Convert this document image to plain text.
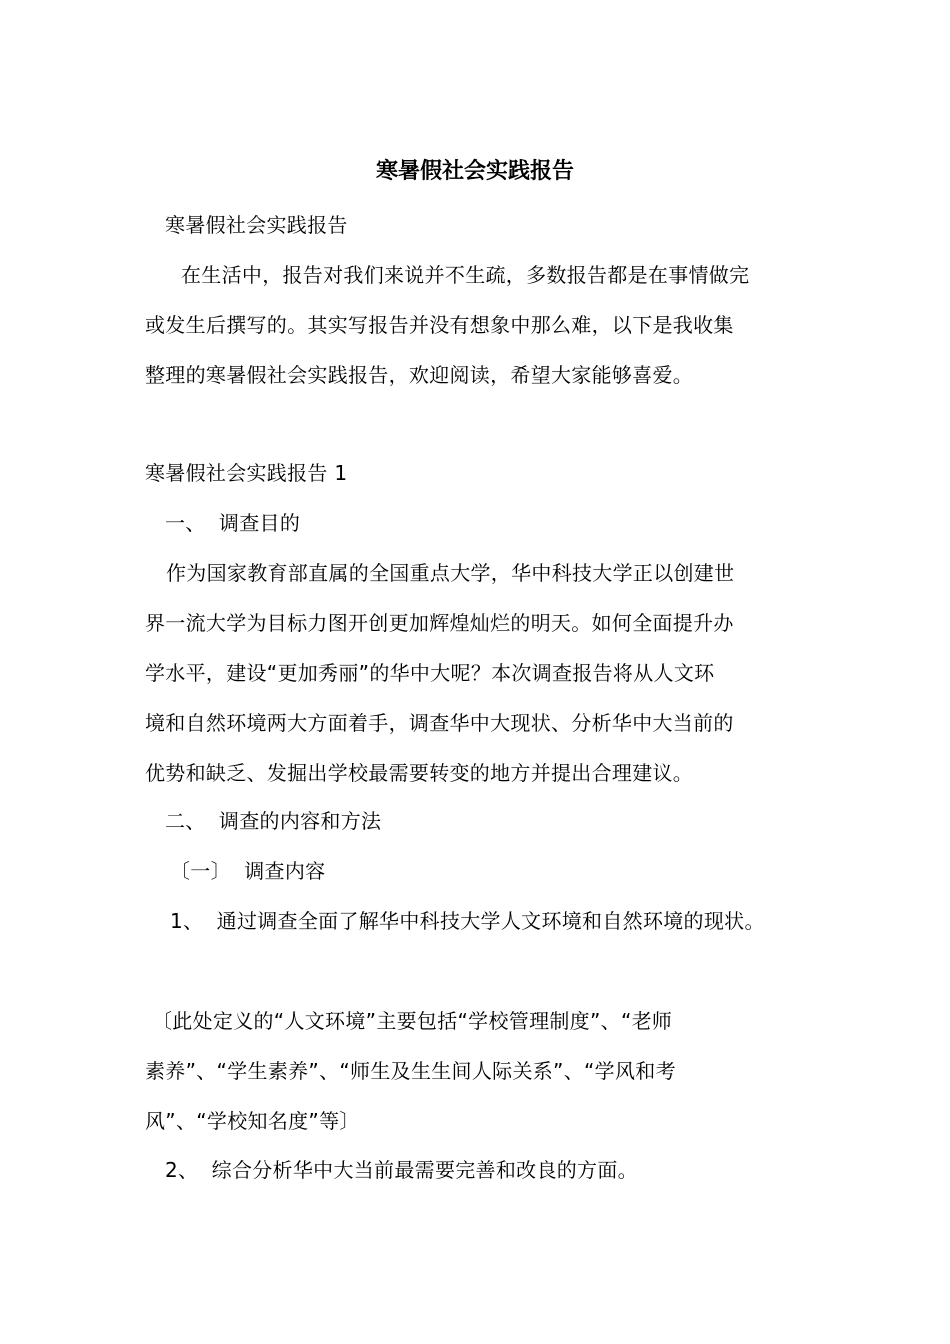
寒暑假社会实践报告
寒暑假社会实践报告
在生活中，报告对我们来说并不生疏，多数报告都是在事情做完
或发生后撰写的。其实写报告并没有想象中那么难，以下是我收集
整理的寒暑假社会实践报告，欢迎阅读，希望大家能够喜爱。
寒暑假社会实践报告 1
一、  调查目的
作为国家教育部直属的全国重点大学，华中科技大学正以创建世
界一流大学为目标力图开创更加辉煌灿烂的明天。如何全面提升办
学水平，建设“更加秀丽”的华中大呢？本次调查报告将从人文环
境和自然环境两大方面着手，调查华中大现状、分析华中大当前的
优势和缺乏、发掘出学校最需要转变的地方并提出合理建议。
二、  调查的内容和方法
〔一〕  调查内容
1、  通过调查全面了解华中科技大学人文环境和自然环境的现状。
〔此处定义的“人文环境”主要包括“学校管理制度”、“老师
素养”、“学生素养”、“师生及生生间人际关系”、“学风和考
风”、“学校知名度”等〕
2、  综合分析华中大当前最需要完善和改良的方面。
